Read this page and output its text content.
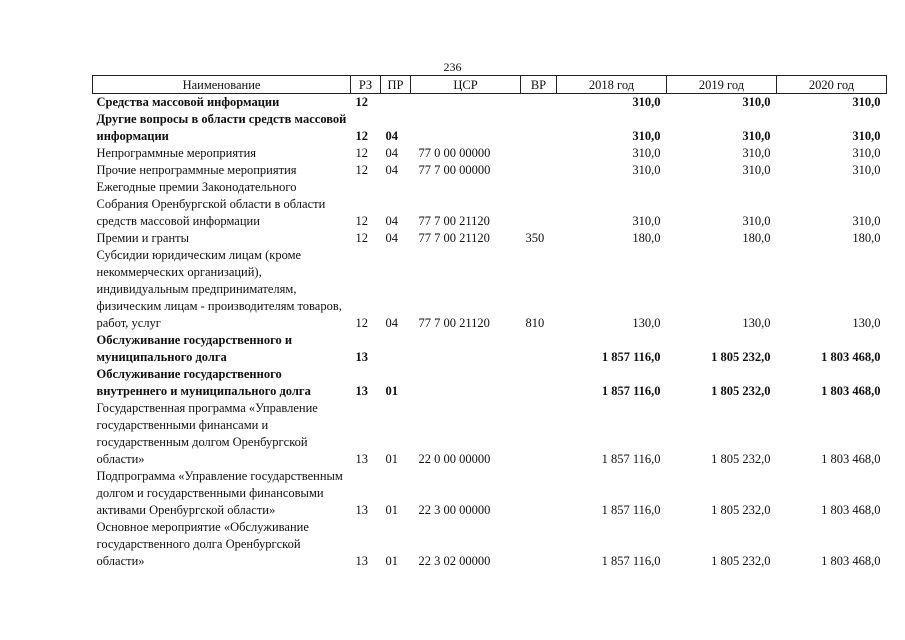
236
Наименование	РЗ	ПР	ЦСР	ВР	2018 год	2019 год	2020 год
Средства массовой информации	12				310,0	310,0	310,0
Другие вопросы в области средств массовой информации	12	04			310,0	310,0	310,0
Непрограммные мероприятия	12	04	77 0 00 00000		310,0	310,0	310,0
Прочие непрограммные мероприятия	12	04	77 7 00 00000		310,0	310,0	310,0
Ежегодные премии Законодательного Собрания Оренбургской области в области средств массовой информации	12	04	77 7 00 21120		310,0	310,0	310,0
Премии и гранты	12	04	77 7 00 21120	350	180,0	180,0	180,0
Субсидии юридическим лицам (кроме некоммерческих организаций), индивидуальным предпринимателям, физическим лицам - производителям товаров, работ, услуг	12	04	77 7 00 21120	810	130,0	130,0	130,0
Обслуживание государственного и муниципального долга	13				1 857 116,0	1 805 232,0	1 803 468,0
Обслуживание государственного внутреннего и муниципального долга	13	01			1 857 116,0	1 805 232,0	1 803 468,0
Государственная программа «Управление государственными финансами и государственным долгом Оренбургской области»	13	01	22 0 00 00000		1 857 116,0	1 805 232,0	1 803 468,0
Подпрограмма «Управление государственным долгом и государственными финансовыми активами Оренбургской области»	13	01	22 3 00 00000		1 857 116,0	1 805 232,0	1 803 468,0
Основное мероприятие «Обслуживание государственного долга Оренбургской области»	13	01	22 3 02 00000		1 857 116,0	1 805 232,0	1 803 468,0
